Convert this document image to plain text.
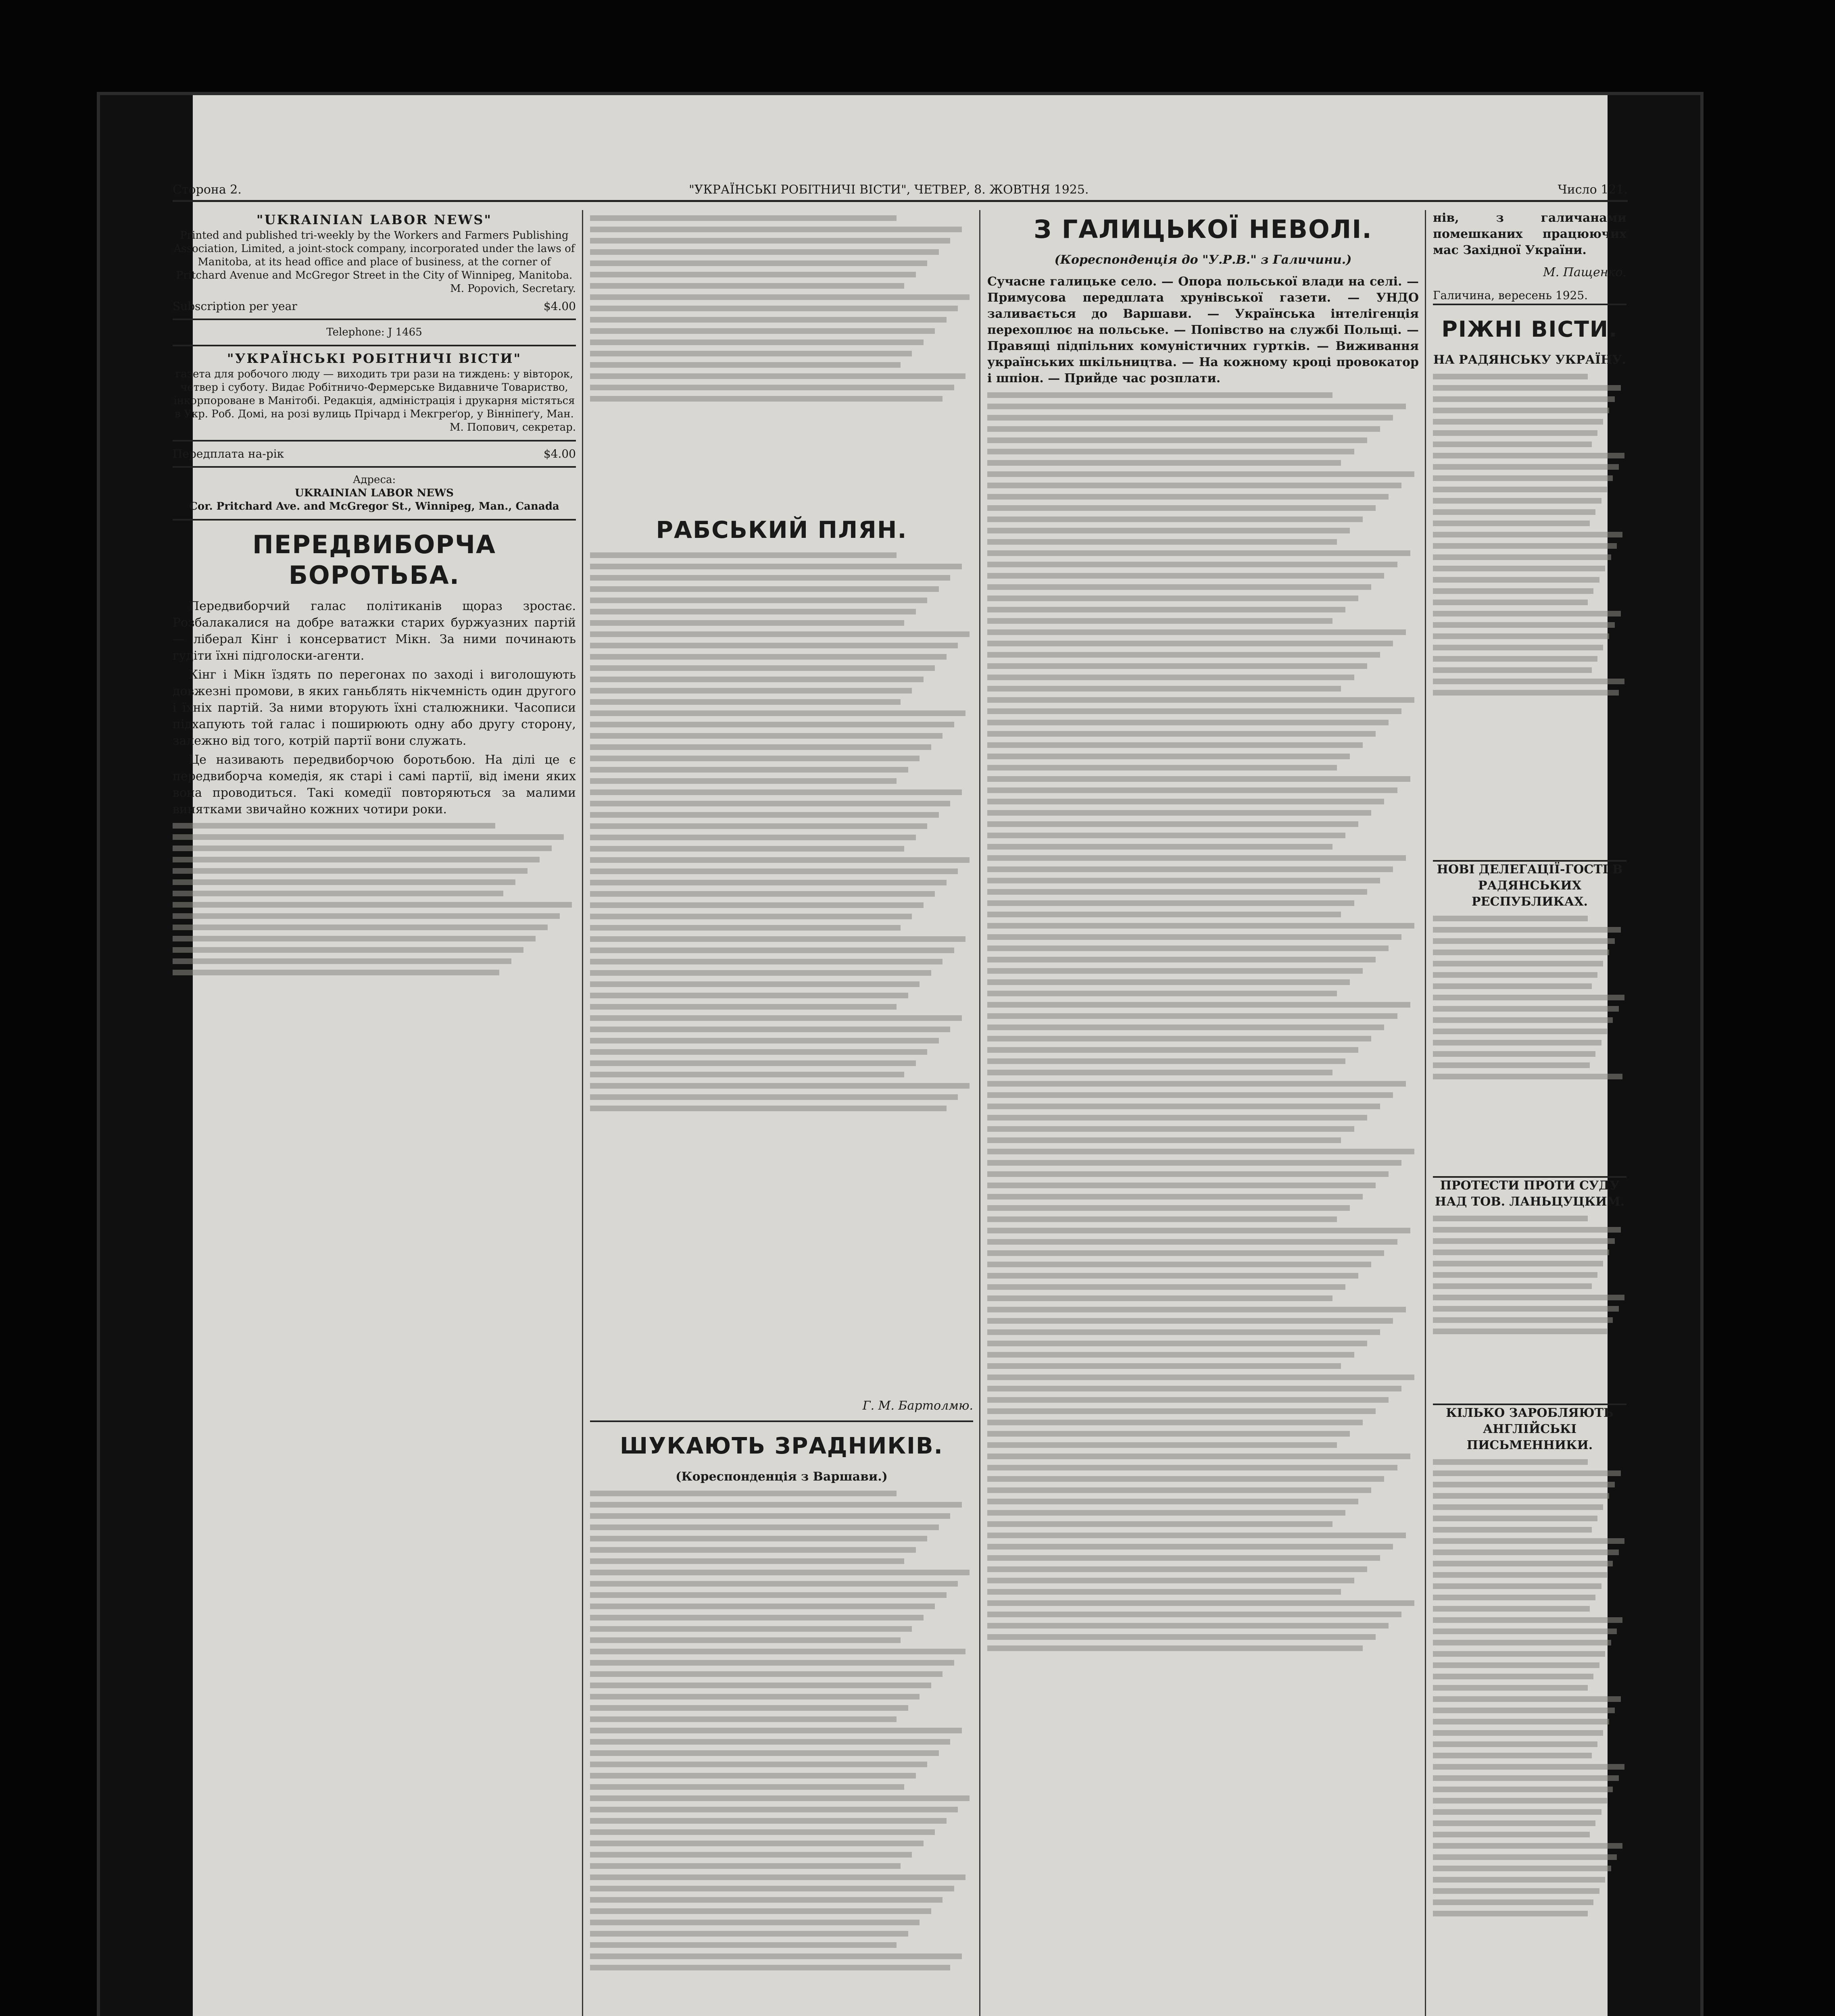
Сторона 2.	"УКРАЇНСЬКІ РОБІТНИЧІ ВІСТИ", ЧЕТВЕР, 8. ЖОВТНЯ 1925.	Число 121.
"UKRAINIAN LABOR NEWS"
Printed and published tri-weekly by the Workers and Farmers Publishing Association, Limited, a joint-stock company, incorporated under the laws of Manitoba, at its head office and place of business, at the corner of Pritchard Avenue and McGregor Street in the City of Winnipeg, Manitoba.
M. Popovich, Secretary.
Subscription per year	$4.00
Telephone: J 1465
"УКРАЇНСЬКІ РОБІТНИЧІ ВІСТИ"
газета для робочого люду — виходить три рази на тиждень: у вівторок, четвер і суботу. Видає Робітничо-Фермерське Видавниче Товариство, інкорпороване в Манітобі. Редакція, адміністрація і друкарня містяться в Укр. Роб. Домі, на розі вулиць Прічард і Мекгреґор, у Вінніпеґу, Ман.
М. Попович, секретар.
Передплата на-рік	$4.00
Адреса:
UKRAINIAN LABOR NEWS
Cor. Pritchard Ave. and McGregor St., Winnipeg, Man., Canada
ПЕРЕДВИБОРЧА БОРОТЬБА.

Передвиборчий галас політиканів щораз зростає. Розбалакалися на добре ватажки старих буржуазних партій — ліберал Кінг і консерватист Мікн. За ними починають гудіти їхні підголоски-агенти.

Кінг і Мікн їздять по перегонах по заході і виголошують довжезні промови, в яких ганьблять нікчемність один другого і їхніх партій. За ними вторують їхні сталюжники. Часописи підхапують той галас і поширюють одну або другу сторону, залежно від того, котрій партії вони служать.

Це називають передвиборчою боротьбою. На ділі це є передвиборча комедія, як старі і самі партії, від імени яких вона проводиться. Такі комедії повторяються за малими винятками звичайно кожних чотири роки.

РАБСЬКИЙ ПЛЯН.
Г. М. Бартолмю.
ШУКАЮТЬ ЗРАДНИКІВ.
(Кореспонденція з Варшави.)
З ГАЛИЦЬКОЇ НЕВОЛІ.
(Кореспонденція до "У.Р.В." з Галичини.)
Сучасне галицьке село. — Опора польської влади на селі. — Примусова передплата хрунівської газети. — УНДО заливається до Варшави. — Українська інтелігенція перехоплює на польське. — Попівство на службі Польщі. — Правящі підпільних комуністичних гуртків. — Виживання українських шкільництва. — На кожному кроці провокатор і шпіон. — Прийде час розплати.
нів, з галичанами помешканих працюючих мас Західної України.
М. Пащенко.
Галичина, вересень 1925.
РІЖНІ ВІСТИ.
НА РАДЯНСЬКУ УКРАЇНУ.
НОВІ ДЕЛЕГАЦІЇ-ГОСТІ В РАДЯНСЬКИХ РЕСПУБЛИКАХ.
ПРОТЕСТИ ПРОТИ СУДУ НАД ТОВ. ЛАНЬЦУЦКИМ.
КІЛЬКО ЗАРОБЛЯЮТЬ АНГЛІЙСЬКІ ПИСЬМЕННИКИ.
